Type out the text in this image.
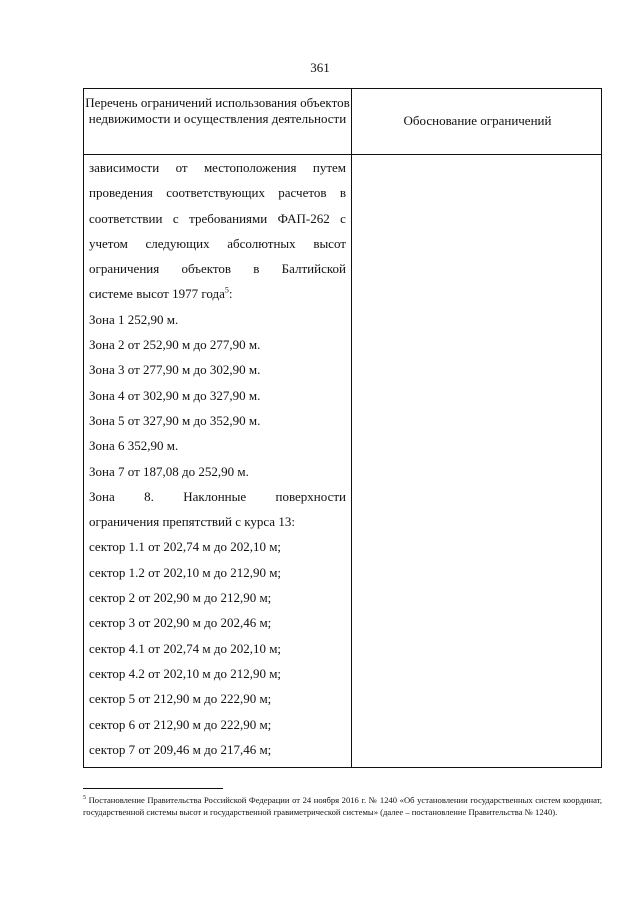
361
Перечень ограничений использования объектов недвижимости и осуществления деятельности	Обоснование ограничений
зависимости от местоположения путем
проведения соответствующих расчетов в
соответствии с требованиями ФАП-262 с
учетом следующих абсолютных высот
ограничения объектов в Балтийской
системе высот 1977 года$^5$:
Зона 1 252,90 м.
Зона 2 от 252,90 м до 277,90 м.
Зона 3 от 277,90 м до 302,90 м.
Зона 4 от 302,90 м до 327,90 м.
Зона 5 от 327,90 м до 352,90 м.
Зона 6 352,90 м.
Зона 7 от 187,08 до 252,90 м.
Зона 8. Наклонные поверхности
ограничения препятствий с курса 13:
сектор 1.1 от 202,74 м до 202,10 м;
сектор 1.2 от 202,10 м до 212,90 м;
сектор 2 от 202,90 м до 212,90 м;
сектор 3 от 202,90 м до 202,46 м;
сектор 4.1 от 202,74 м до 202,10 м;
сектор 4.2 от 202,10 м до 212,90 м;
сектор 5 от 212,90 м до 222,90 м;
сектор 6 от 212,90 м до 222,90 м;
сектор 7 от 209,46 м до 217,46 м;
$^5$ Постановление Правительства Российской Федерации от 24 ноября 2016 г. № 1240 «Об установлении государственных систем координат, государственной системы высот и государственной гравиметрической системы» (далее – постановление Правительства № 1240).
